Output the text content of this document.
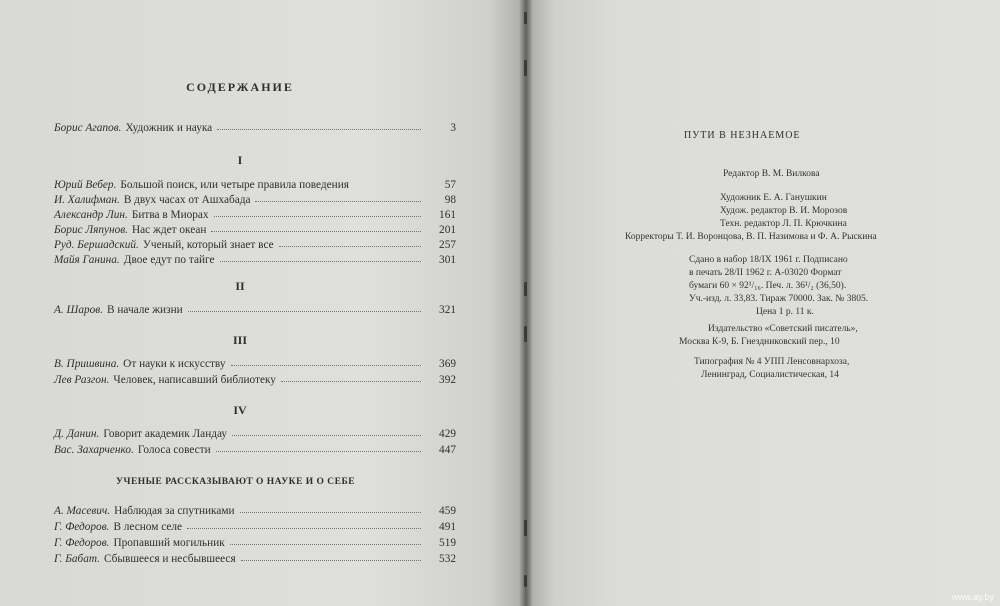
СОДЕРЖАНИЕ
Борис Агапов. Художник и наука	3
I
Юрий Вебер. Большой поиск, или четыре правила поведения	57
И. Халифман. В двух часах от Ашхабада	98
Александр Лин. Битва в Миорах	161
Борис Ляпунов. Нас ждет океан	201
Руд. Бершадский. Ученый, который знает все	257
Майя Ганина. Двое едут по тайге	301
II
А. Шаров. В начале жизни	321
III
В. Пришвина. От науки к искусству	369
Лев Разгон. Человек, написавший библиотеку	392
IV
Д. Данин. Говорит академик Ландау	429
Вас. Захарченко. Голоса совести	447
УЧЕНЫЕ РАССКАЗЫВАЮТ О НАУКЕ И О СЕБЕ
А. Масевич. Наблюдая за спутниками	459
Г. Федоров. В лесном селе	491
Г. Федоров. Пропавший могильник	519
Г. Бабат. Сбывшееся и несбывшееся	532
ПУТИ В НЕЗНАЕМОЕ
Редактор В. М. Вилкова
Художник Е. А. Ганушкин
Худож. редактор В. И. Морозов
Техн. редактор Л. П. Крючкина
Корректоры Т. И. Воронцова, В. П. Назимова и Ф. А. Рыскина
Сдано в набор 18/IX 1961 г. Подписано
в печать 28/II 1962 г. А-03020 Формат
бумаги 60 × 92¹/₁₆. Печ. л. 36¹/₂ (36,50).
Уч.-изд. л. 33,83. Тираж 70000. Зак. № 3805.
Цена 1 р. 11 к.
Издательство «Советский писатель»,
Москва К-9, Б. Гнездниковский пер., 10
Типография № 4 УПП Ленсовнархоза,
Ленинград, Социалистическая, 14
www.ay.by
